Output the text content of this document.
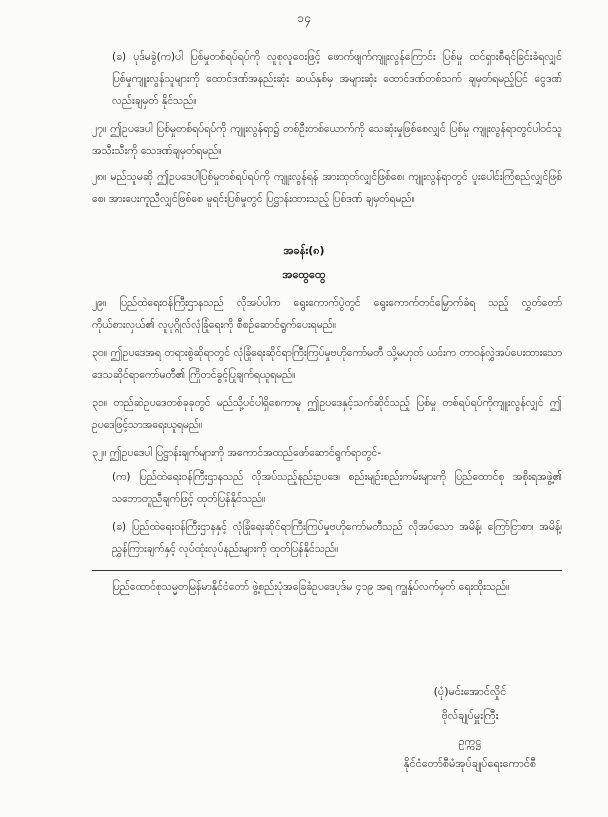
၁၄

(ခ) ပုဒ်မခွဲ(က)ပါ ပြစ်မှုတစ်ရပ်ရပ်ကို လူစုလူဝေးဖြင့် ဖောက်ဖျက်ကျူးလွန်ကြောင်း ပြစ်မှု ထင်ရှားစီရင်ခြင်းခံရလျှင် ပြစ်မှုကျူးလွန်သူများကို ထောင်ဒဏ်အနည်းဆုံး ဆယ်နှစ်မှ အများဆုံး ထောင်ဒဏ်တစ်သက် ချမှတ်ရမည့်ပြင် ငွေဒဏ်လည်းချမှတ် နိုင်သည်။

၂၇။ ဤဥပဒေပါ ပြစ်မှုတစ်ရပ်ရပ်ကို ကျူးလွန်ရာ၌ တစ်ဦးတစ်ယောက်ကို သေဆုံးမှုဖြစ်စေလျှင် ပြစ်မှု ကျူးလွန်ရာတွင်ပါဝင်သူအသီးသီးကို သေဒဏ်ချမှတ်ရမည်။

၂၈။ မည်သူမဆို ဤဥပဒေပါပြစ်မှုတစ်ရပ်ရပ်ကို ကျူးလွန်ရန် အားထုတ်လျှင်ဖြစ်စေ၊ ကျူးလွန်ရာတွင် ပူးပေါင်းကြံစည်လျှင်ဖြစ်စေ၊ အားပေးကူညီလျှင်ဖြစ်စေ မူရင်းပြစ်မှုတွင် ပြဋ္ဌာန်းထားသည့် ပြစ်ဒဏ် ချမှတ်ရမည်။

အခန်း(၈)
အထွေထွေ

၂၉။ ပြည်ထဲရေးဝန်ကြီးဌာနသည် လိုအပ်ပါက ရွေးကောက်ပွဲတွင် ရွေးကောက်တင်မြှောက်ခံရ သည့် လွှတ်တော်ကိုယ်စားလှယ်၏ လူပုဂ္ဂိုလ်လုံခြုံရေးကို စီစဉ်ဆောင်ရွက်ပေးရမည်။

၃၀။ ဤဥပဒေအရ တရားစွဲဆိုရာတွင် လုံခြုံရေးဆိုင်ရာကြီးကြပ်မှုဗဟိုကော်မတီ သို့မဟုတ် ယင်းက တာဝန်လွှဲအပ်ပေးထားသော ဒေသဆိုင်ရာကော်မတီ၏ ကြိုတင်ခွင့်ပြုချက်ရယူရမည်။

၃၁။ တည်ဆဲဥပဒေတစ်ခုခုတွင် မည်သို့ပင်ပါရှိစေကာမူ ဤဥပဒေနှင့်သက်ဆိုင်သည့် ပြစ်မှု တစ်ရပ်ရပ်ကိုကျူးလွန်လျှင် ဤဥပဒေဖြင့်သာအရေးယူရမည်။

၃၂။ ဤဥပဒေပါ ပြဋ္ဌာန်းချက်များကို အကောင်အထည်ဖော်ဆောင်ရွက်ရာတွင်-

(က) ပြည်ထဲရေးဝန်ကြီးဌာနသည် လိုအပ်သည့်နည်းဥပဒေ၊ စည်းမျဉ်းစည်းကမ်းများကို ပြည်ထောင်စု အစိုးရအဖွဲ့၏ သဘောတူညီချက်ဖြင့် ထုတ်ပြန်နိုင်သည်။

(ခ) ပြည်ထဲရေးဝန်ကြီးဌာနနှင့် လုံခြုံရေးဆိုင်ရာကြီးကြပ်မှုဗဟိုကော်မတီသည် လိုအပ်သော အမိန့်၊ ကြော်ငြာစာ၊ အမိန့်၊ ညွှန်ကြားချက်နှင့် လုပ်ထုံးလုပ်နည်းများကို ထုတ်ပြန်နိုင်သည်။

ပြည်ထောင်စုသမ္မတမြန်မာနိုင်ငံတော် ဖွဲ့စည်းပုံအခြေခံဥပဒေပုဒ်မ ၄၁၉ အရ ကျွန်ုပ်လက်မှတ် ရေးထိုးသည်။

(ပုံ)မင်းအောင်လှိုင်
ဗိုလ်ချုပ်မှူးကြီး
ဥက္ကဋ္ဌ
နိုင်ငံတော်စီမံအုပ်ချုပ်ရေးကောင်စီ
